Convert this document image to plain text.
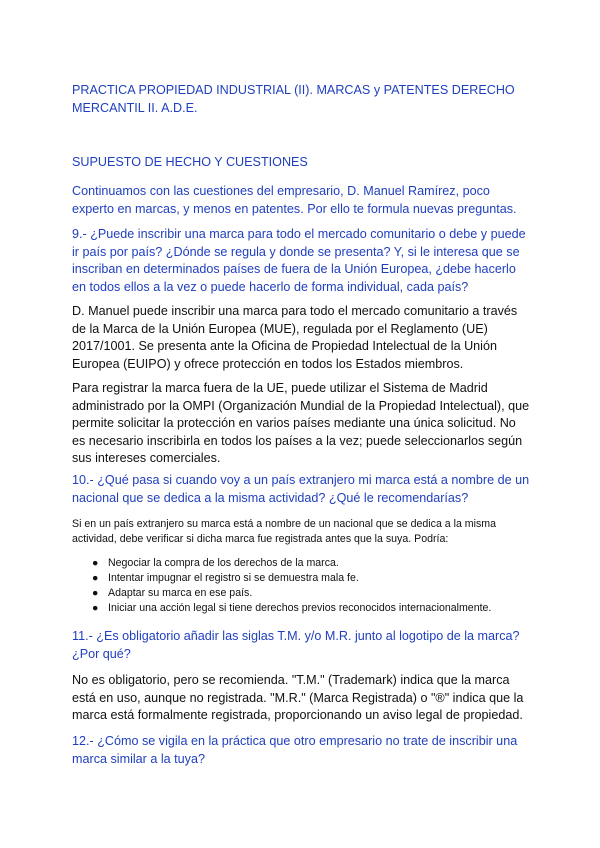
PRACTICA PROPIEDAD INDUSTRIAL (II). MARCAS y PATENTES DERECHO MERCANTIL II. A.D.E.

SUPUESTO DE HECHO Y CUESTIONES

Continuamos con las cuestiones del empresario, D. Manuel Ramírez, poco experto en marcas, y menos en patentes. Por ello te formula nuevas preguntas.

9.- ¿Puede inscribir una marca para todo el mercado comunitario o debe y puede ir país por país? ¿Dónde se regula y donde se presenta? Y, si le interesa que se inscriban en determinados países de fuera de la Unión Europea, ¿debe hacerlo en todos ellos a la vez o puede hacerlo de forma individual, cada país?

D. Manuel puede inscribir una marca para todo el mercado comunitario a través de la Marca de la Unión Europea (MUE), regulada por el Reglamento (UE) 2017/1001. Se presenta ante la Oficina de Propiedad Intelectual de la Unión Europea (EUIPO) y ofrece protección en todos los Estados miembros.

Para registrar la marca fuera de la UE, puede utilizar el Sistema de Madrid administrado por la OMPI (Organización Mundial de la Propiedad Intelectual), que permite solicitar la protección en varios países mediante una única solicitud. No es necesario inscribirla en todos los países a la vez; puede seleccionarlos según sus intereses comerciales.

10.- ¿Qué pasa si cuando voy a un país extranjero mi marca está a nombre de un nacional que se dedica a la misma actividad? ¿Qué le recomendarías?

Si en un país extranjero su marca está a nombre de un nacional que se dedica a la misma actividad, debe verificar si dicha marca fue registrada antes que la suya. Podría:

● Negociar la compra de los derechos de la marca.
● Intentar impugnar el registro si se demuestra mala fe.
● Adaptar su marca en ese país.
● Iniciar una acción legal si tiene derechos previos reconocidos internacionalmente.

11.- ¿Es obligatorio añadir las siglas T.M. y/o M.R. junto al logotipo de la marca? ¿Por qué?

No es obligatorio, pero se recomienda. "T.M." (Trademark) indica que la marca está en uso, aunque no registrada. "M.R." (Marca Registrada) o "®" indica que la marca está formalmente registrada, proporcionando un aviso legal de propiedad.

12.- ¿Cómo se vigila en la práctica que otro empresario no trate de inscribir una marca similar a la tuya?
